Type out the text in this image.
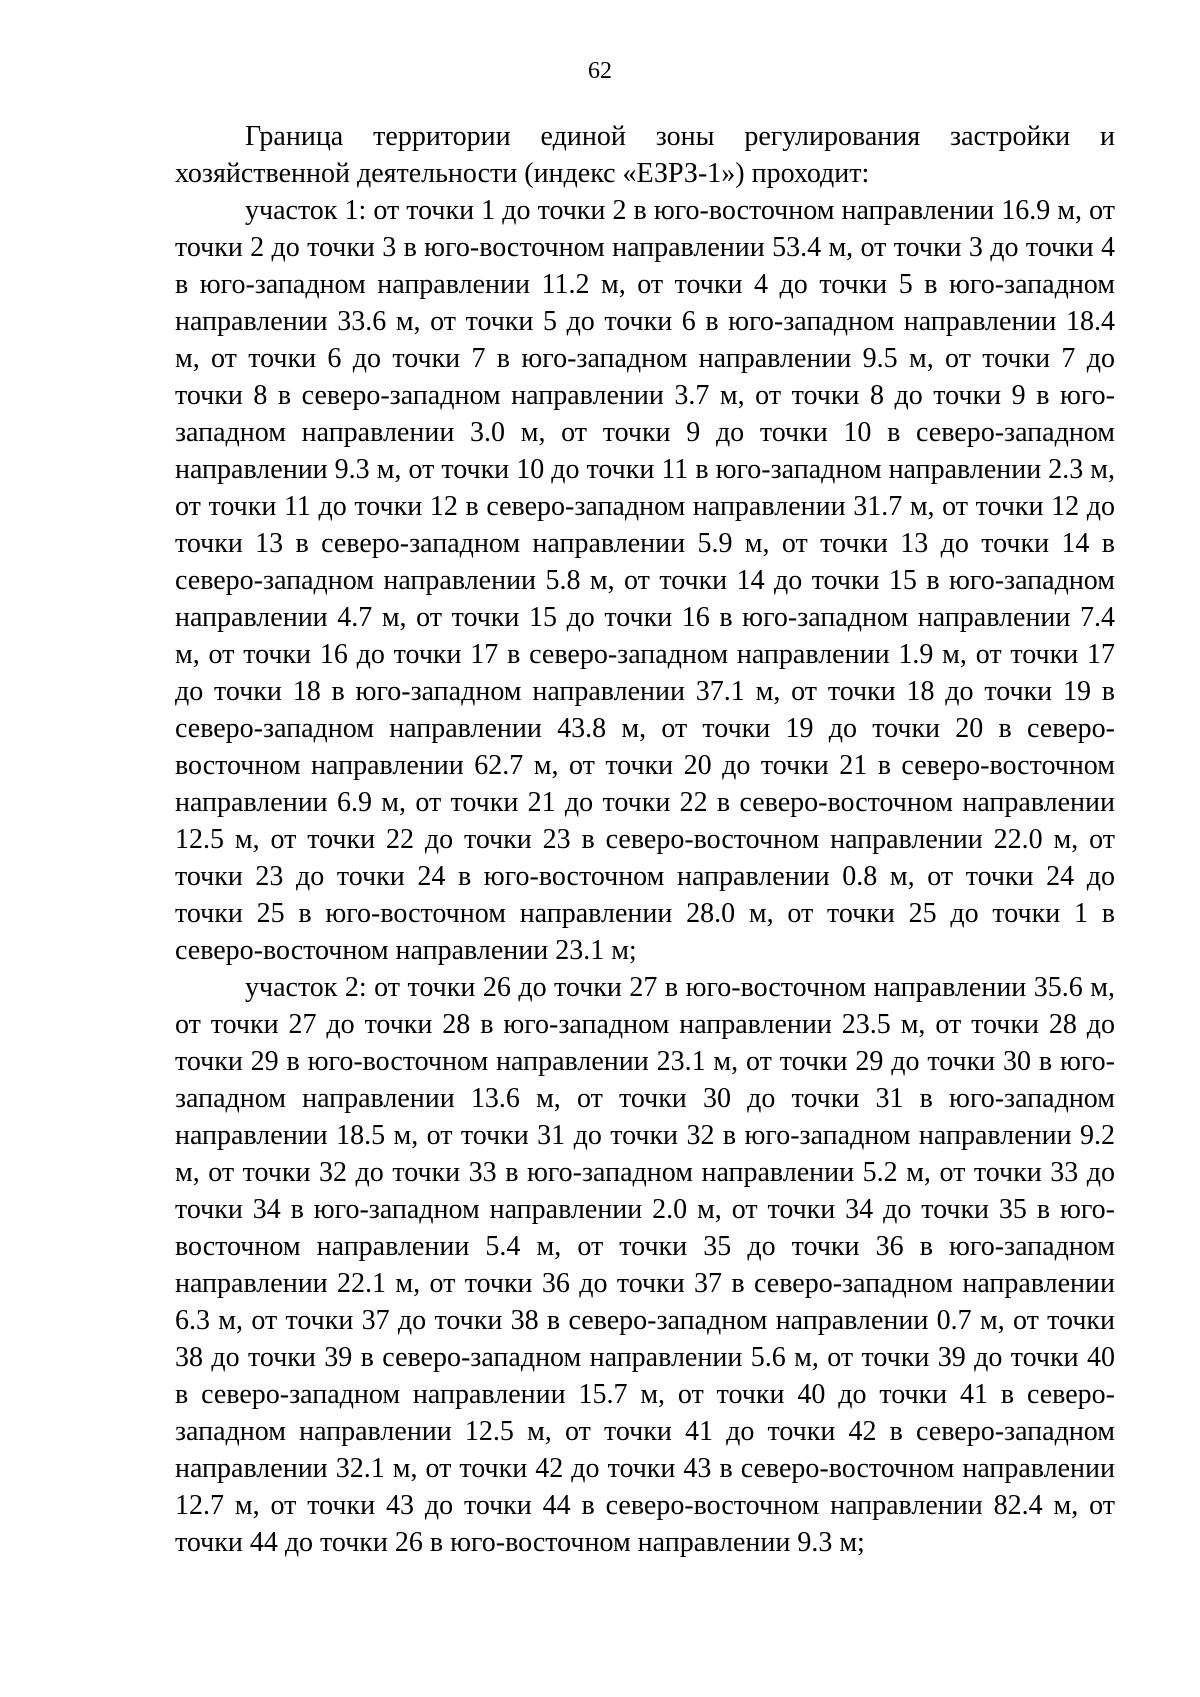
62

Граница территории единой зоны регулирования застройки и хозяйственной деятельности (индекс «ЕЗРЗ-1») проходит:

участок 1: от точки 1 до точки 2 в юго-восточном направлении 16.9 м, от точки 2 до точки 3 в юго-восточном направлении 53.4 м, от точки 3 до точки 4 в юго-западном направлении 11.2 м, от точки 4 до точки 5 в юго-западном направлении 33.6 м, от точки 5 до точки 6 в юго-западном направлении 18.4 м, от точки 6 до точки 7 в юго-западном направлении 9.5 м, от точки 7 до точки 8 в северо-западном направлении 3.7 м, от точки 8 до точки 9 в юго-западном направлении 3.0 м, от точки 9 до точки 10 в северо-западном направлении 9.3 м, от точки 10 до точки 11 в юго-западном направлении 2.3 м, от точки 11 до точки 12 в северо-западном направлении 31.7 м, от точки 12 до точки 13 в северо-западном направлении 5.9 м, от точки 13 до точки 14 в северо-западном направлении 5.8 м, от точки 14 до точки 15 в юго-западном направлении 4.7 м, от точки 15 до точки 16 в юго-западном направлении 7.4 м, от точки 16 до точки 17 в северо-западном направлении 1.9 м, от точки 17 до точки 18 в юго-западном направлении 37.1 м, от точки 18 до точки 19 в северо-западном направлении 43.8 м, от точки 19 до точки 20 в северо-восточном направлении 62.7 м, от точки 20 до точки 21 в северо-восточном направлении 6.9 м, от точки 21 до точки 22 в северо-восточном направлении 12.5 м, от точки 22 до точки 23 в северо-восточном направлении 22.0 м, от точки 23 до точки 24 в юго-восточном направлении 0.8 м, от точки 24 до точки 25 в юго-восточном направлении 28.0 м, от точки 25 до точки 1 в северо-восточном направлении 23.1 м;

участок 2: от точки 26 до точки 27 в юго-восточном направлении 35.6 м, от точки 27 до точки 28 в юго-западном направлении 23.5 м, от точки 28 до точки 29 в юго-восточном направлении 23.1 м, от точки 29 до точки 30 в юго-западном направлении 13.6 м, от точки 30 до точки 31 в юго-западном направлении 18.5 м, от точки 31 до точки 32 в юго-западном направлении 9.2 м, от точки 32 до точки 33 в юго-западном направлении 5.2 м, от точки 33 до точки 34 в юго-западном направлении 2.0 м, от точки 34 до точки 35 в юго-восточном направлении 5.4 м, от точки 35 до точки 36 в юго-западном направлении 22.1 м, от точки 36 до точки 37 в северо-западном направлении 6.3 м, от точки 37 до точки 38 в северо-западном направлении 0.7 м, от точки 38 до точки 39 в северо-западном направлении 5.6 м, от точки 39 до точки 40 в северо-западном направлении 15.7 м, от точки 40 до точки 41 в северо-западном направлении 12.5 м, от точки 41 до точки 42 в северо-западном направлении 32.1 м, от точки 42 до точки 43 в северо-восточном направлении 12.7 м, от точки 43 до точки 44 в северо-восточном направлении 82.4 м, от точки 44 до точки 26 в юго-восточном направлении 9.3 м;
